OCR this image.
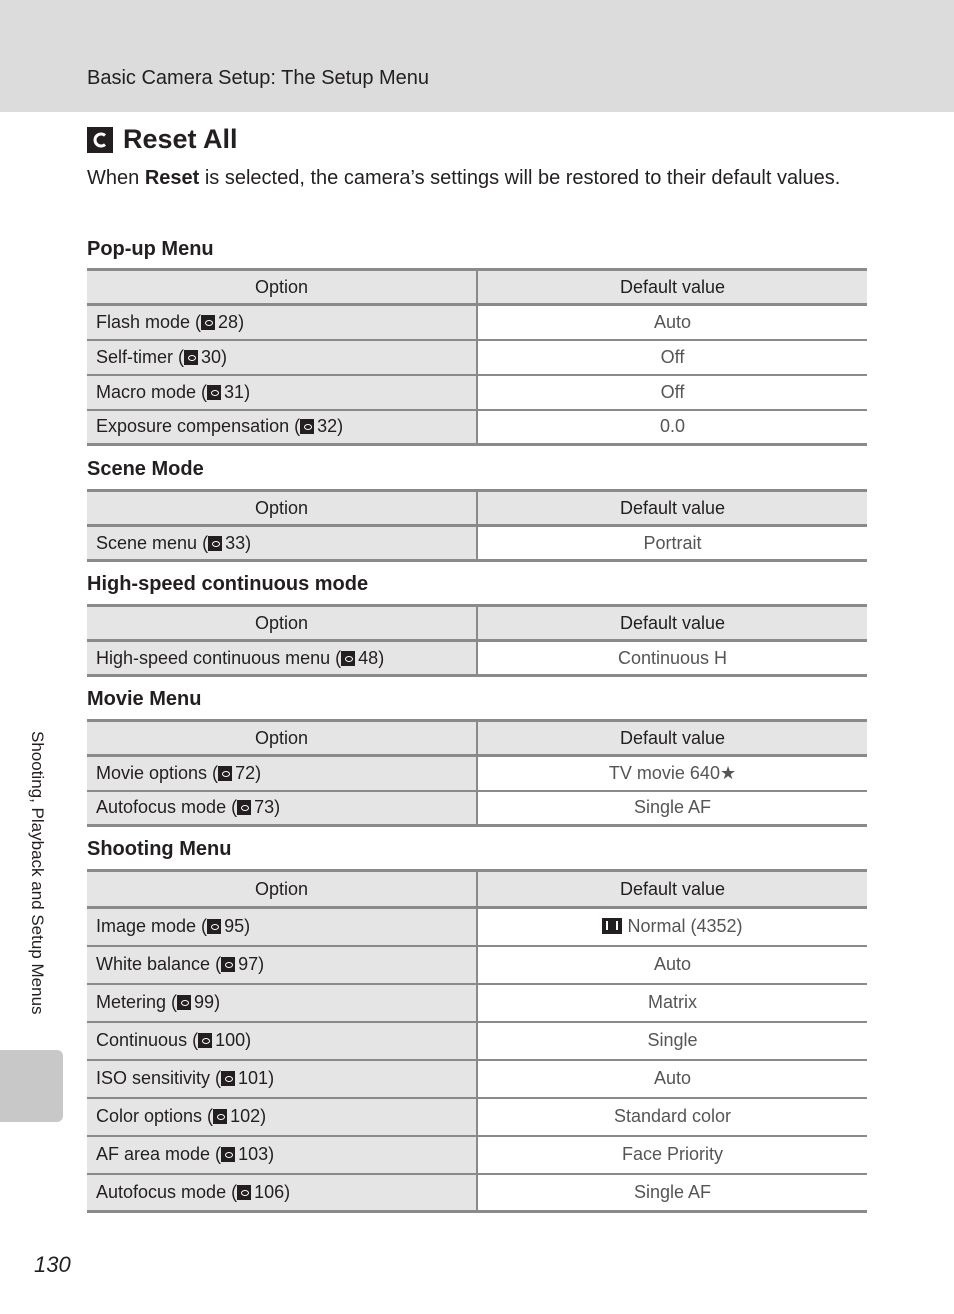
Basic Camera Setup: The Setup Menu
Reset All

When Reset is selected, the camera’s settings will be restored to their default values.

Pop-up Menu
Option	Default value
Flash mode ( 28)	Auto
Self-timer ( 30)	Off
Macro mode ( 31)	Off
Exposure compensation ( 32)	0.0
Scene Mode
Option	Default value
Scene menu ( 33)	Portrait
High-speed continuous mode
Option	Default value
High-speed continuous menu ( 48)	Continuous H
Movie Menu
Option	Default value
Movie options ( 72)	TV movie 640★
Autofocus mode ( 73)	Single AF
Shooting Menu
Option	Default value
Image mode ( 95)	Normal (4352)
White balance ( 97)	Auto
Metering ( 99)	Matrix
Continuous ( 100)	Single
ISO sensitivity ( 101)	Auto
Color options ( 102)	Standard color
AF area mode ( 103)	Face Priority
Autofocus mode ( 106)	Single AF
Shooting, Playback and Setup Menus
130
